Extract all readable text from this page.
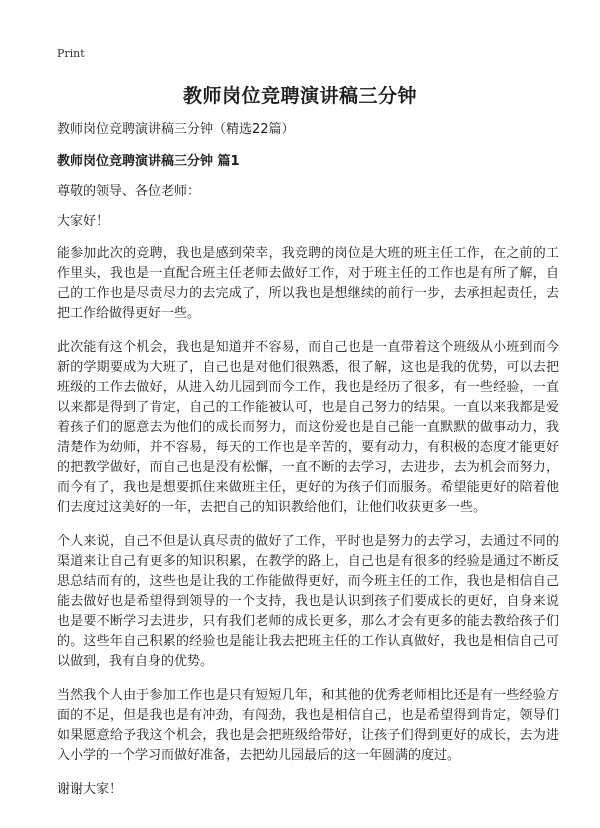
Print
教师岗位竞聘演讲稿三分钟

教师岗位竞聘演讲稿三分钟（精选22篇）

教师岗位竞聘演讲稿三分钟 篇1

尊敬的领导、各位老师：

大家好！

能参加此次的竞聘，我也是感到荣幸，我竞聘的岗位是大班的班主任工作，在之前的工作里头，我也是一直配合班主任老师去做好工作，对于班主任的工作也是有所了解，自己的工作也是尽责尽力的去完成了，所以我也是想继续的前行一步，去承担起责任，去把工作给做得更好一些。

此次能有这个机会，我也是知道并不容易，而自己也是一直带着这个班级从小班到而今新的学期要成为大班了，自己也是对他们很熟悉，很了解，这也是我的优势，可以去把班级的工作去做好，从进入幼儿园到而今工作，我也是经历了很多，有一些经验，一直以来都是得到了肯定，自己的工作能被认可，也是自己努力的结果。一直以来我都是爱着孩子们的愿意去为他们的成长而努力，而这份爱也是自己能一直默默的做事动力，我清楚作为幼师，并不容易，每天的工作也是辛苦的，要有动力，有积极的态度才能更好的把教学做好，而自己也是没有松懈，一直不断的去学习，去进步，去为机会而努力，而今有了，我也是想要抓住来做班主任，更好的为孩子们而服务。希望能更好的陪着他们去度过这美好的一年，去把自己的知识教给他们，让他们收获更多一些。

个人来说，自己不但是认真尽责的做好了工作，平时也是努力的去学习，去通过不同的渠道来让自己有更多的知识积累，在教学的路上，自己也是有很多的经验是通过不断反思总结而有的，这些也是让我的工作能做得更好，而今班主任的工作，我也是相信自己能去做好也是希望得到领导的一个支持，我也是认识到孩子们要成长的更好，自身来说也是要不断学习去进步，只有我们老师的成长更多，那么才会有更多的能去教给孩子们的。这些年自己积累的经验也是能让我去把班主任的工作认真做好，我也是相信自己可以做到，我有自身的优势。

当然我个人由于参加工作也是只有短短几年，和其他的优秀老师相比还是有一些经验方面的不足，但是我也是有冲劲，有闯劲，我也是相信自己，也是希望得到肯定，领导们如果愿意给予我这个机会，我也是会把班级给带好，让孩子们得到更好的成长，去为进入小学的一个学习而做好准备，去把幼儿园最后的这一年圆满的度过。

谢谢大家！
